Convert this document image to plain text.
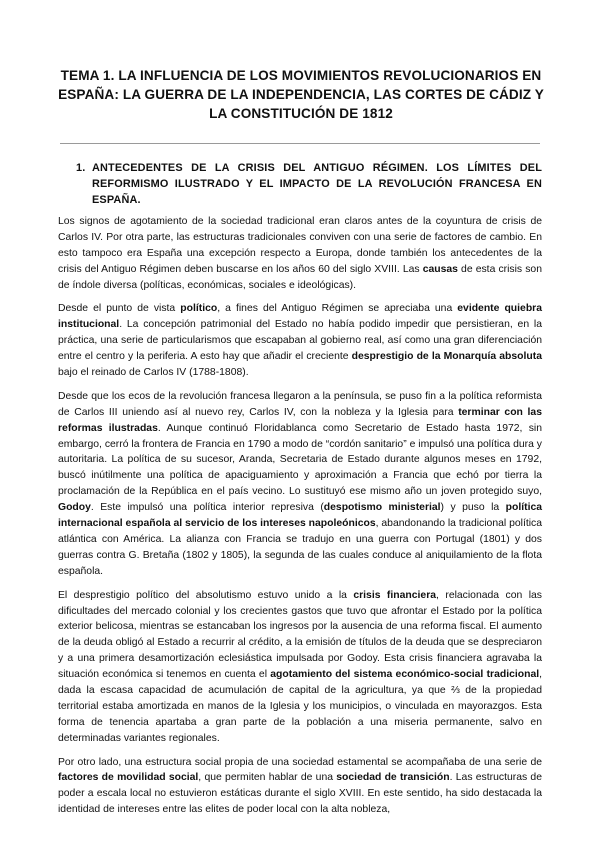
TEMA 1. LA INFLUENCIA DE LOS MOVIMIENTOS REVOLUCIONARIOS EN ESPAÑA: LA GUERRA DE LA INDEPENDENCIA, LAS CORTES DE CÁDIZ Y LA CONSTITUCIÓN DE 1812
1. ANTECEDENTES DE LA CRISIS DEL ANTIGUO RÉGIMEN. LOS LÍMITES DEL REFORMISMO ILUSTRADO Y EL IMPACTO DE LA REVOLUCIÓN FRANCESA EN ESPAÑA.

Los signos de agotamiento de la sociedad tradicional eran claros antes de la coyuntura de crisis de Carlos IV. Por otra parte, las estructuras tradicionales conviven con una serie de factores de cambio. En esto tampoco era España una excepción respecto a Europa, donde también los antecedentes de la crisis del Antiguo Régimen deben buscarse en los años 60 del siglo XVIII. Las causas de esta crisis son de índole diversa (políticas, económicas, sociales e ideológicas).

Desde el punto de vista político, a fines del Antiguo Régimen se apreciaba una evidente quiebra institucional. La concepción patrimonial del Estado no había podido impedir que persistieran, en la práctica, una serie de particularismos que escapaban al gobierno real, así como una gran diferenciación entre el centro y la periferia. A esto hay que añadir el creciente desprestigio de la Monarquía absoluta bajo el reinado de Carlos IV (1788-1808).

Desde que los ecos de la revolución francesa llegaron a la península, se puso fin a la política reformista de Carlos III uniendo así al nuevo rey, Carlos IV, con la nobleza y la Iglesia para terminar con las reformas ilustradas. Aunque continuó Floridablanca como Secretario de Estado hasta 1972, sin embargo, cerró la frontera de Francia en 1790 a modo de “cordón sanitario” e impulsó una política dura y autoritaria. La política de su sucesor, Aranda, Secretaria de Estado durante algunos meses en 1792, buscó inútilmente una política de apaciguamiento y aproximación a Francia que echó por tierra la proclamación de la República en el país vecino. Lo sustituyó ese mismo año un joven protegido suyo, Godoy. Este impulsó una política interior represiva (despotismo ministerial) y puso la política internacional española al servicio de los intereses napoleónicos, abandonando la tradicional política atlántica con América. La alianza con Francia se tradujo en una guerra con Portugal (1801) y dos guerras contra G. Bretaña (1802 y 1805), la segunda de las cuales conduce al aniquilamiento de la flota española.

El desprestigio político del absolutismo estuvo unido a la crisis financiera, relacionada con las dificultades del mercado colonial y los crecientes gastos que tuvo que afrontar el Estado por la política exterior belicosa, mientras se estancaban los ingresos por la ausencia de una reforma fiscal. El aumento de la deuda obligó al Estado a recurrir al crédito, a la emisión de títulos de la deuda que se despreciaron y a una primera desamortización eclesiástica impulsada por Godoy. Esta crisis financiera agravaba la situación económica si tenemos en cuenta el agotamiento del sistema económico-social tradicional, dada la escasa capacidad de acumulación de capital de la agricultura, ya que ⅔ de la propiedad territorial estaba amortizada en manos de la Iglesia y los municipios, o vinculada en mayorazgos. Esta forma de tenencia apartaba a gran parte de la población a una miseria permanente, salvo en determinadas variantes regionales.

Por otro lado, una estructura social propia de una sociedad estamental se acompañaba de una serie de factores de movilidad social, que permiten hablar de una sociedad de transición. Las estructuras de poder a escala local no estuvieron estáticas durante el siglo XVIII. En este sentido, ha sido destacada la identidad de intereses entre las elites de poder local con la alta nobleza,
